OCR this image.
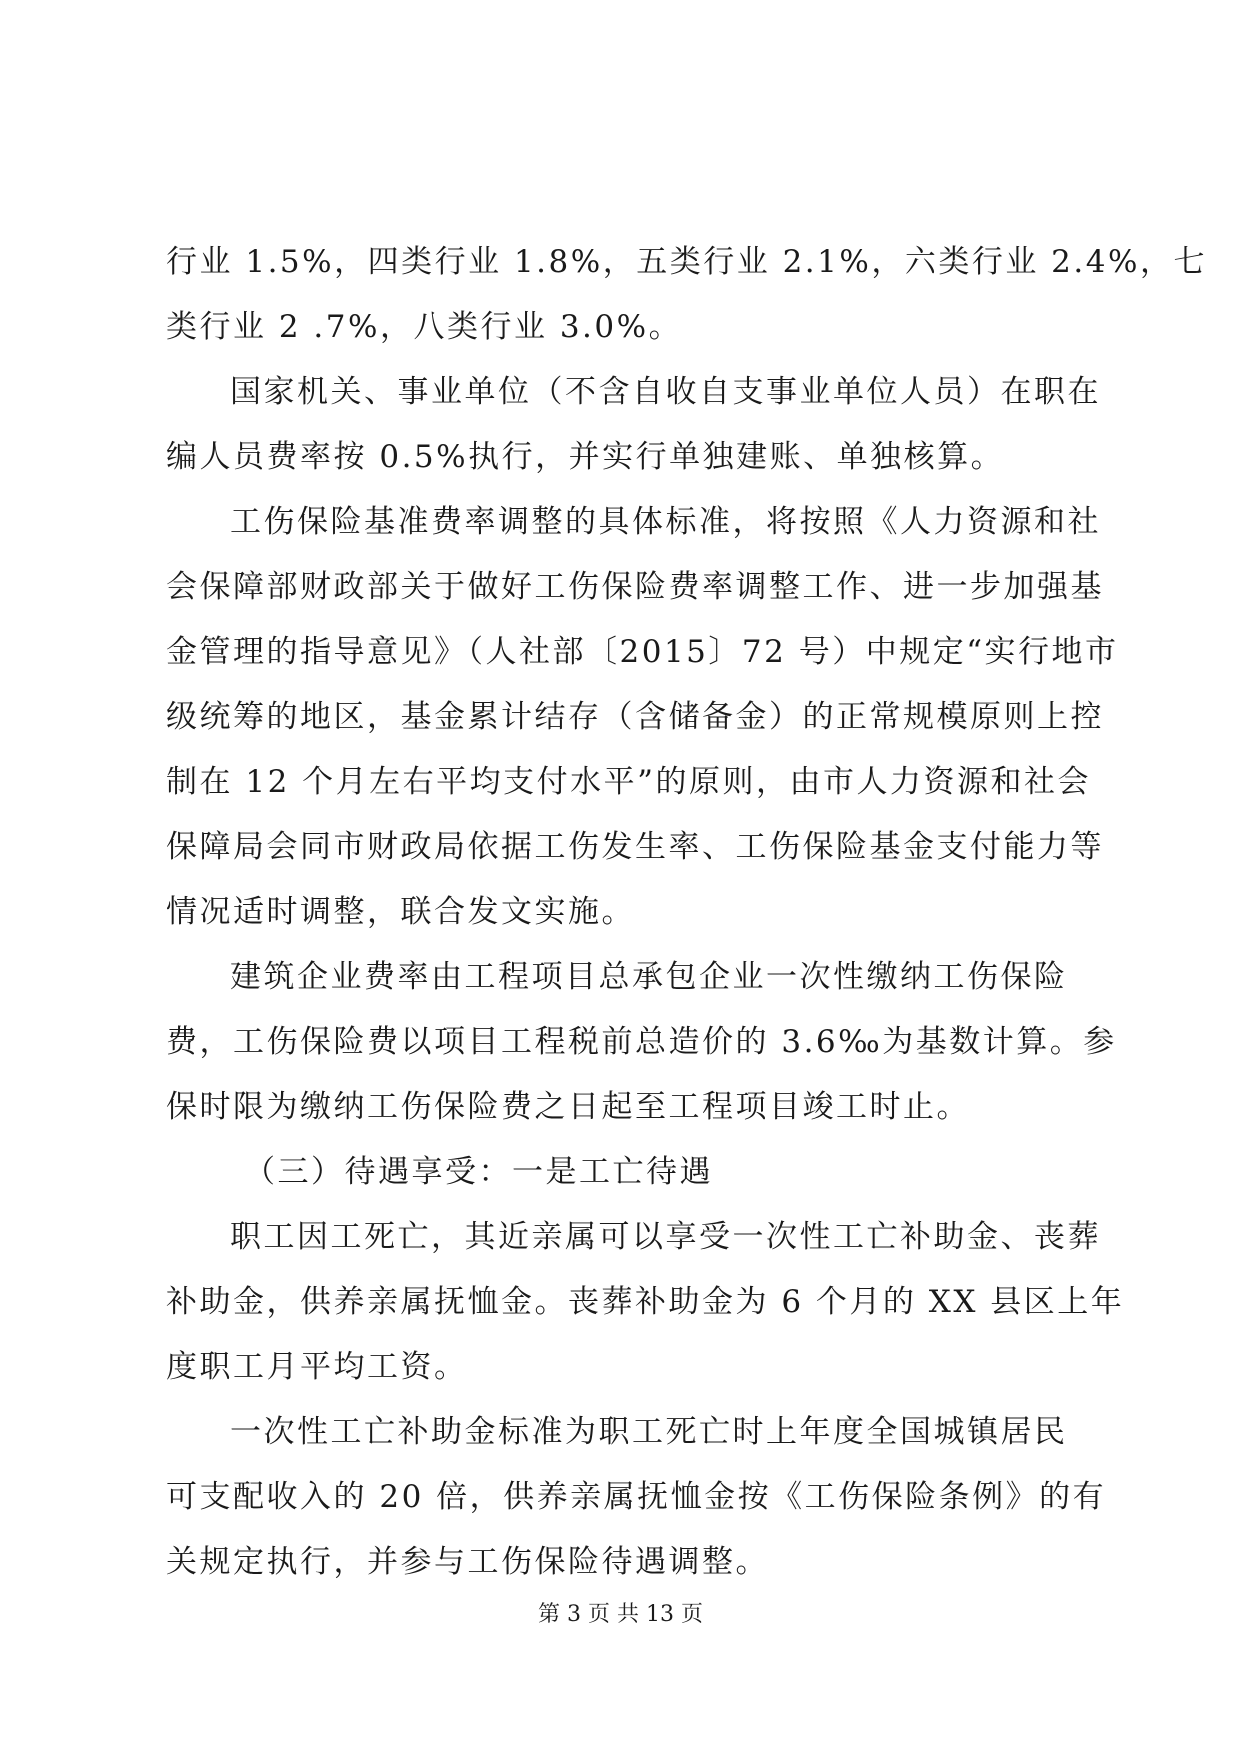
行业 1.5%，四类行业 1.8%，五类行业 2.1%，六类行业 2.4%，七
类行业 2 .7%，八类行业 3.0%。
国家机关、事业单位（不含自收自支事业单位人员）在职在
编人员费率按 0.5%执行，并实行单独建账、单独核算。
工伤保险基准费率调整的具体标准，将按照《人力资源和社
会保障部财政部关于做好工伤保险费率调整工作、进一步加强基
金管理的指导意见》（人社部〔2015〕72 号）中规定“实行地市
级统筹的地区，基金累计结存（含储备金）的正常规模原则上控
制在 12 个月左右平均支付水平”的原则，由市人力资源和社会
保障局会同市财政局依据工伤发生率、工伤保险基金支付能力等
情况适时调整，联合发文实施。
建筑企业费率由工程项目总承包企业一次性缴纳工伤保险
费，工伤保险费以项目工程税前总造价的 3.6‰为基数计算。参
保时限为缴纳工伤保险费之日起至工程项目竣工时止。
（三）待遇享受：一是工亡待遇
职工因工死亡，其近亲属可以享受一次性工亡补助金、丧葬
补助金，供养亲属抚恤金。丧葬补助金为 6 个月的 XX 县区上年
度职工月平均工资。
一次性工亡补助金标准为职工死亡时上年度全国城镇居民
可支配收入的 20 倍，供养亲属抚恤金按《工伤保险条例》的有
关规定执行，并参与工伤保险待遇调整。
第 3 页 共 13 页
